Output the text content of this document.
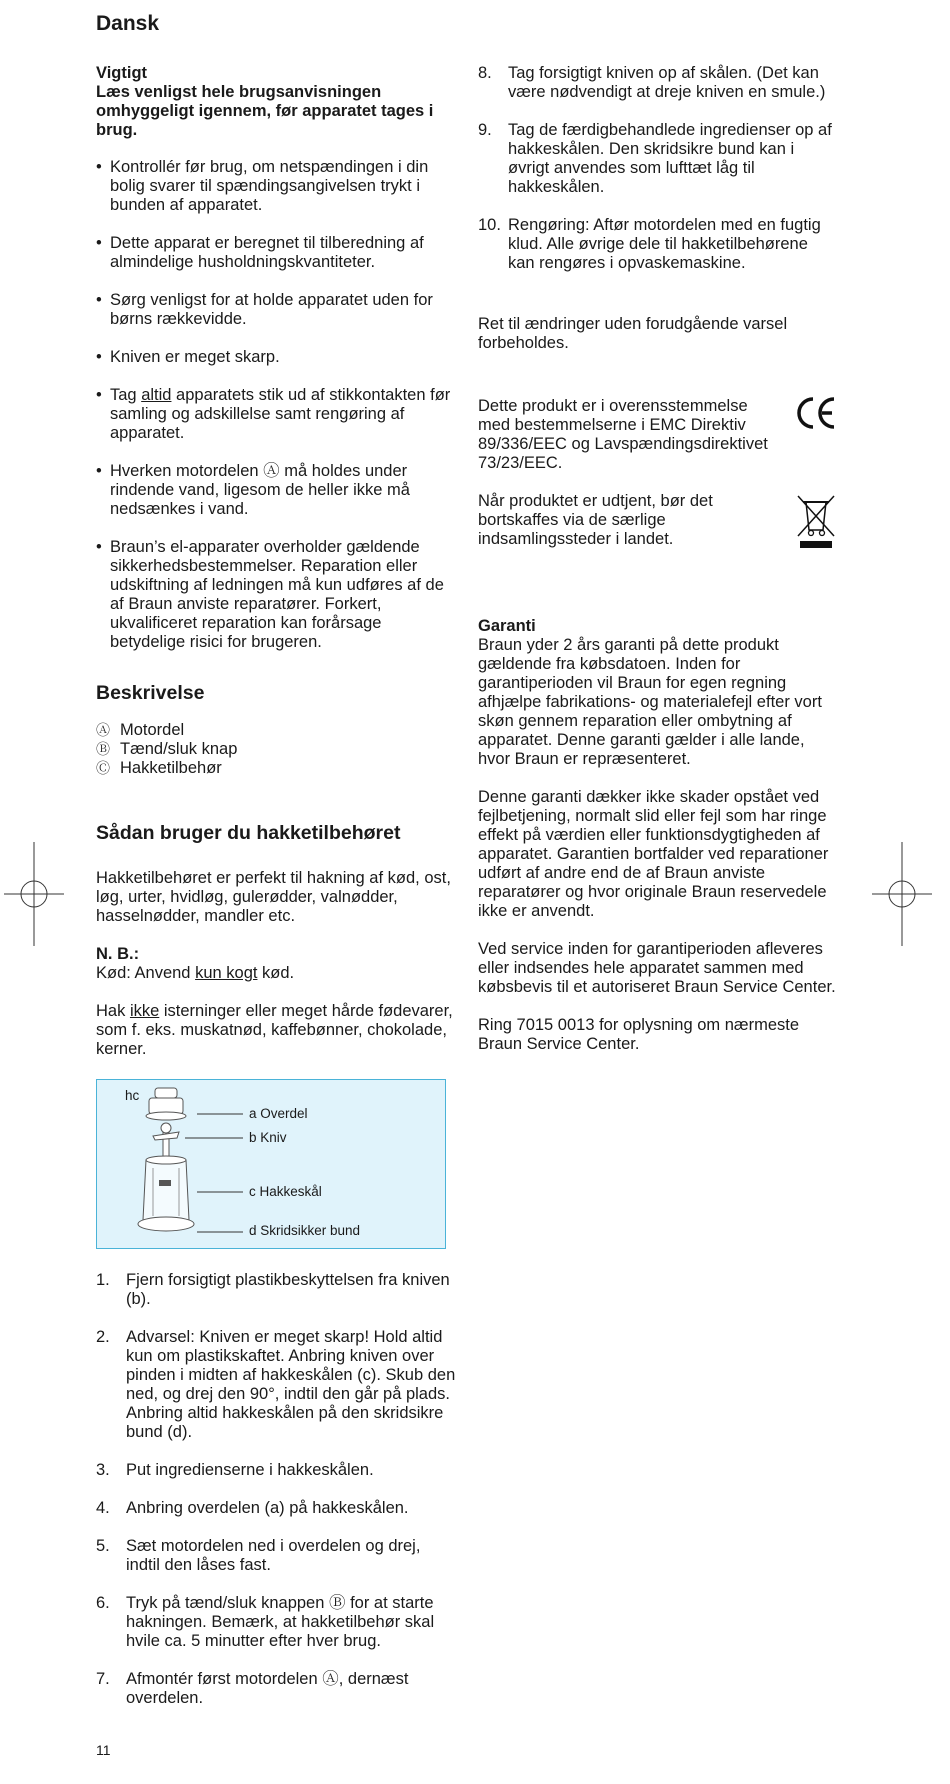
Dansk

Vigtigt

Læs venligst hele brugsanvisningen omhyggeligt igennem, før apparatet tages i brug.

• Kontrollér før brug, om netspændingen i din bolig svarer til spændingsangivelsen trykt i bunden af apparatet.
• Dette apparat er beregnet til tilberedning af almindelige husholdningskvantiteter.
• Sørg venligst for at holde apparatet uden for børns rækkevidde.
• Kniven er meget skarp.
• Tag altid apparatets stik ud af stikkontakten før samling og adskillelse samt rengøring af apparatet.
• Hverken motordelen Ⓐ må holdes under rindende vand, ligesom de heller ikke må nedsænkes i vand.
• Braun’s el-apparater overholder gældende sikkerhedsbestemmelser. Reparation eller udskiftning af ledningen må kun udføres af de af Braun anviste reparatører. Forkert, ukvalificeret reparation kan forårsage betydelige risici for brugeren.
Beskrivelse
Ⓐ Motordel
Ⓑ Tænd/sluk knap
Ⓒ Hakketilbehør
Sådan bruger du hakketilbehøret

Hakketilbehøret er perfekt til hakning af kød, ost, løg, urter, hvidløg, gulerødder, valnødder, hasselnødder, mandler etc.

N. B.:

Kød: Anvend kun kogt kød.

Hak ikke isterninger eller meget hårde fødevarer, som f. eks. muskatnød, kaffebønner, chokolade, kerner.

hc
a Overdel
b Kniv
c Hakkeskål
d Skridsikker bund
1. Fjern forsigtigt plastikbeskyttelsen fra kniven (b).
2. Advarsel: Kniven er meget skarp! Hold altid kun om plastikskaftet. Anbring kniven over pinden i midten af hakkeskålen (c). Skub den ned, og drej den 90°, indtil den går på plads. Anbring altid hakkeskålen på den skridsikre bund (d).
3. Put ingredienserne i hakkeskålen.
4. Anbring overdelen (a) på hakkeskålen.
5. Sæt motordelen ned i overdelen og drej, indtil den låses fast.
6. Tryk på tænd/sluk knappen Ⓑ for at starte hakningen. Bemærk, at hakketilbehør skal hvile ca. 5 minutter efter hver brug.
7. Afmontér først motordelen Ⓐ, dernæst overdelen.
8. Tag forsigtigt kniven op af skålen. (Det kan være nødvendigt at dreje kniven en smule.)
9. Tag de færdigbehandlede ingredienser op af hakkeskålen. Den skridsikre bund kan i øvrigt anvendes som lufttæt låg til hakkeskålen.
10. Rengøring: Aftør motordelen med en fugtig klud. Alle øvrige dele til hakketilbehørene kan rengøres i opvaskemaskine.

Ret til ændringer uden forudgående varsel forbeholdes.

Dette produkt er i overensstemmelse med bestemmelserne i EMC Direktiv 89/336/EEC og Lavspændingsdirektivet 73/23/EEC.

Når produktet er udtjent, bør det bortskaffes via de særlige indsamlingssteder i landet.

Garanti

Braun yder 2 års garanti på dette produkt gældende fra købsdatoen. Inden for garantiperioden vil Braun for egen regning afhjælpe fabrikations- og materialefejl efter vort skøn gennem reparation eller ombytning af apparatet. Denne garanti gælder i alle lande, hvor Braun er repræsenteret.

Denne garanti dækker ikke skader opstået ved fejlbetjening, normalt slid eller fejl som har ringe effekt på værdien eller funktionsdygtigheden af apparatet. Garantien bortfalder ved reparationer udført af andre end de af Braun anviste reparatører og hvor originale Braun reservedele ikke er anvendt.

Ved service inden for garantiperioden afleveres eller indsendes hele apparatet sammen med købsbevis til et autoriseret Braun Service Center.

Ring 7015 0013 for oplysning om nærmeste Braun Service Center.

11
